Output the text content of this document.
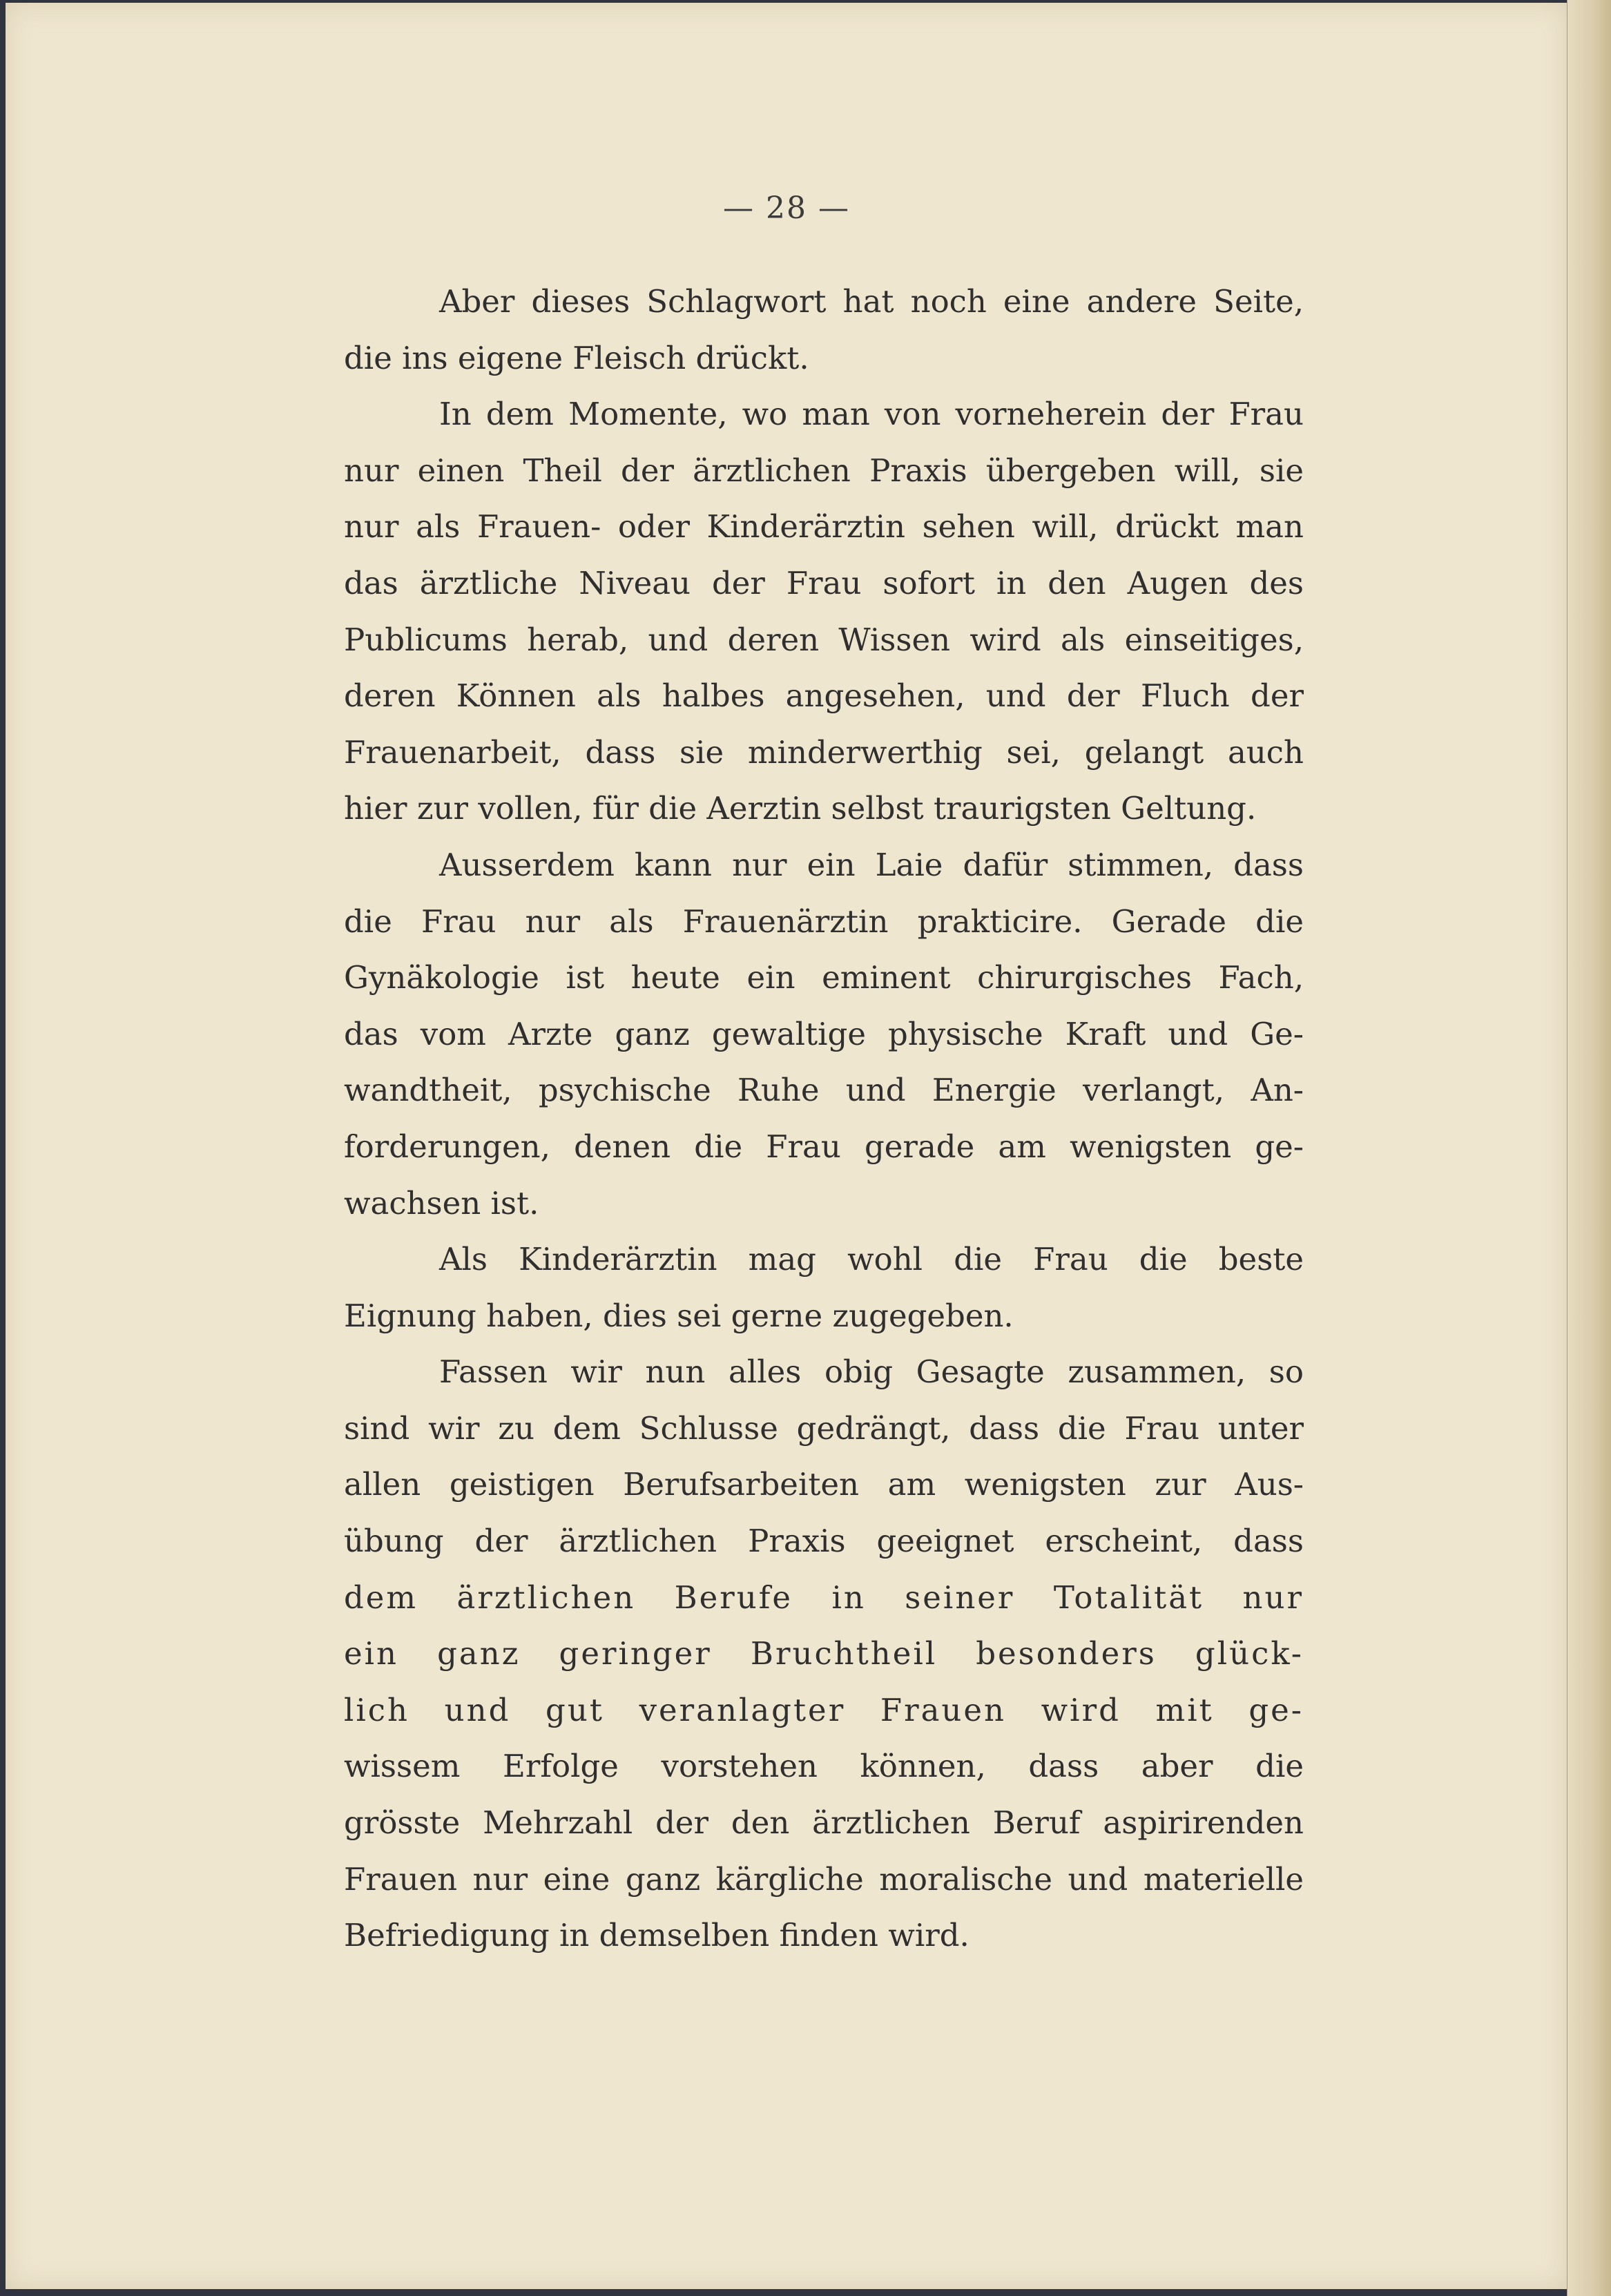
— 28 —
Aber dieses Schlagwort hat noch eine andere Seite,
die ins eigene Fleisch drückt.
In dem Momente, wo man von vorneherein der Frau
nur einen Theil der ärztlichen Praxis übergeben will, sie
nur als Frauen- oder Kinderärztin sehen will, drückt man
das ärztliche Niveau der Frau sofort in den Augen des
Publicums herab, und deren Wissen wird als einseitiges,
deren Können als halbes angesehen, und der Fluch der
Frauenarbeit, dass sie minderwerthig sei, gelangt auch
hier zur vollen, für die Aerztin selbst traurigsten Geltung.
Ausserdem kann nur ein Laie dafür stimmen, dass
die Frau nur als Frauenärztin prakticire. Gerade die
Gynäkologie ist heute ein eminent chirurgisches Fach,
das vom Arzte ganz gewaltige physische Kraft und Ge-
wandtheit, psychische Ruhe und Energie verlangt, An-
forderungen, denen die Frau gerade am wenigsten ge-
wachsen ist.
Als Kinderärztin mag wohl die Frau die beste
Eignung haben, dies sei gerne zugegeben.
Fassen wir nun alles obig Gesagte zusammen, so
sind wir zu dem Schlusse gedrängt, dass die Frau unter
allen geistigen Berufsarbeiten am wenigsten zur Aus-
übung der ärztlichen Praxis geeignet erscheint, dass
dem ärztlichen Berufe in seiner Totalität nur
ein ganz geringer Bruchtheil besonders glück-
lich und gut veranlagter Frauen wird mit ge-
wissem Erfolge vorstehen können, dass aber die
grösste Mehrzahl der den ärztlichen Beruf aspirirenden
Frauen nur eine ganz kärgliche moralische und materielle
Befriedigung in demselben finden wird.
